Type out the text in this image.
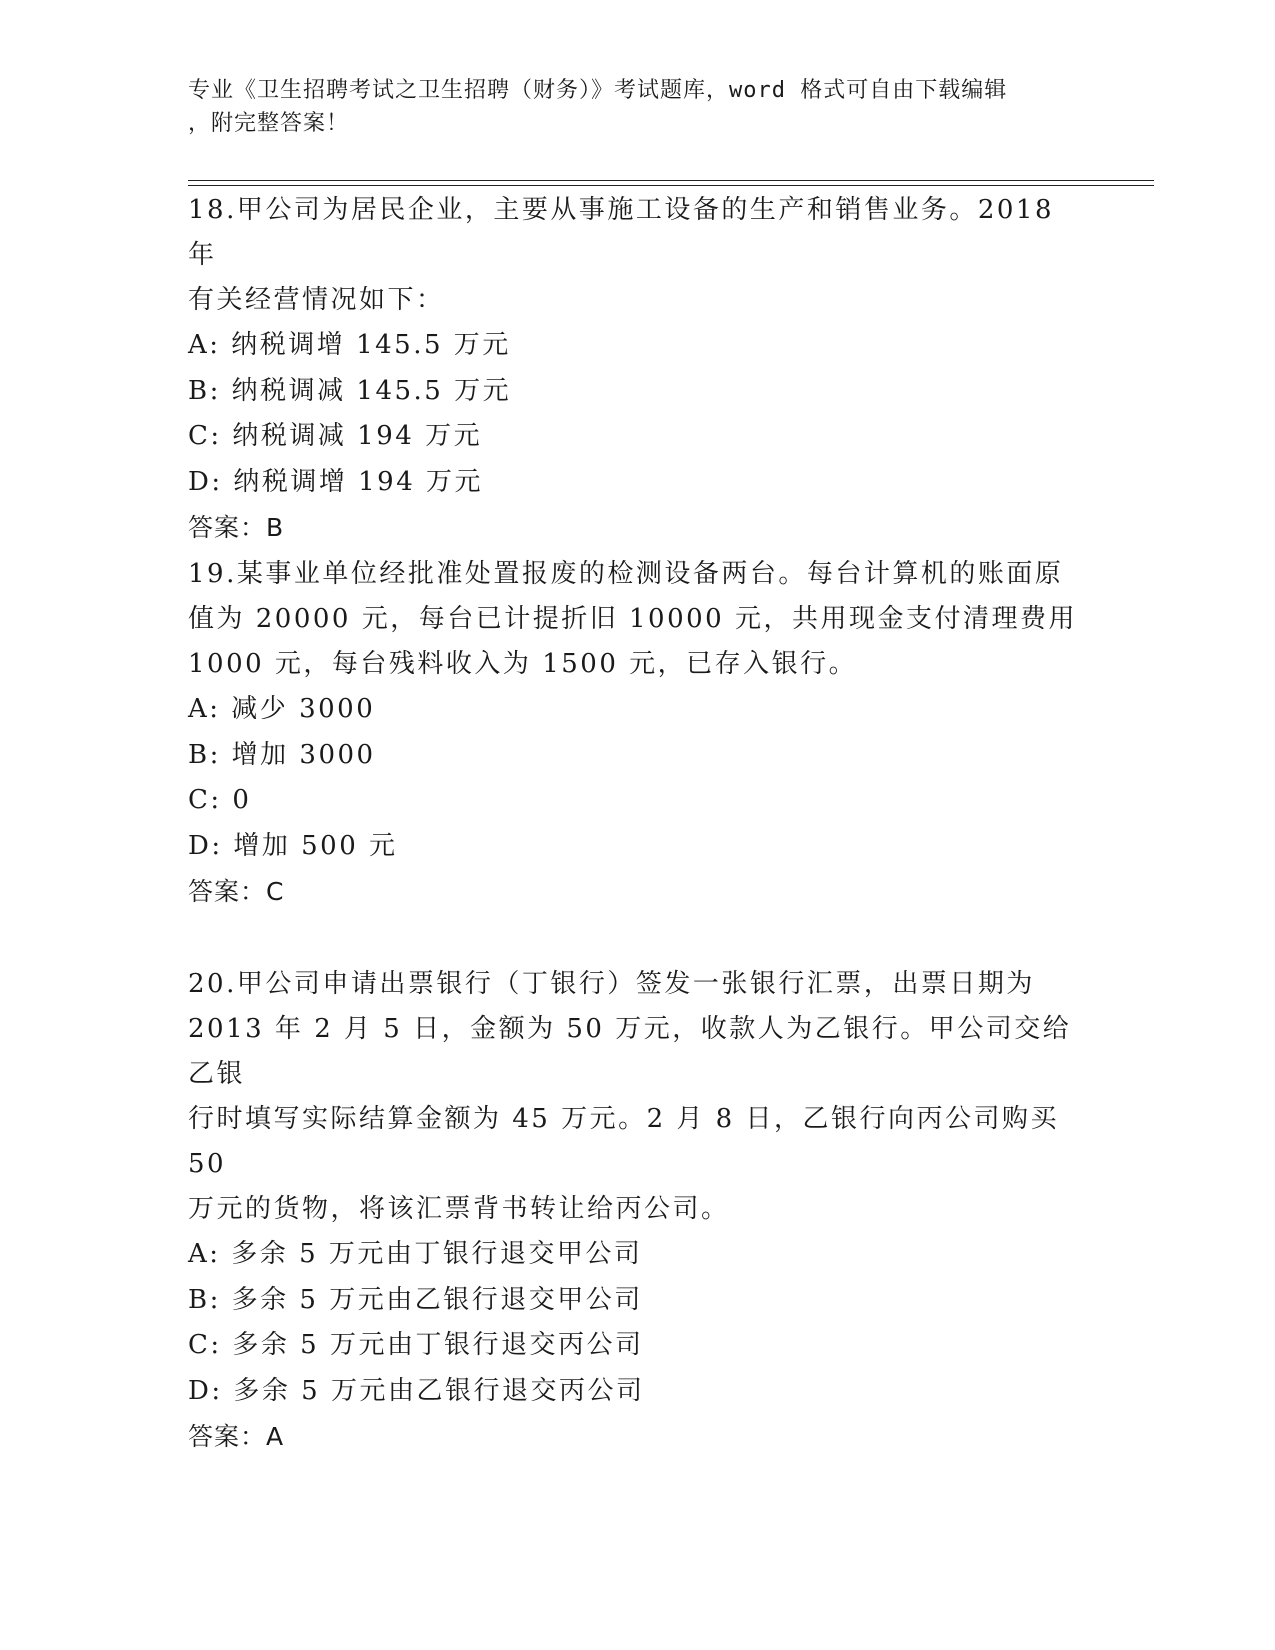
专业《卫生招聘考试之卫生招聘（财务）》考试题库，word 格式可自由下载编辑
，附完整答案！

18.甲公司为居民企业，主要从事施工设备的生产和销售业务。2018 年

有关经营情况如下：

A: 纳税调增 145.5 万元

B: 纳税调减 145.5 万元

C: 纳税调减 194 万元

D: 纳税调增 194 万元

答案：B

19.某事业单位经批准处置报废的检测设备两台。每台计算机的账面原

值为 20000 元，每台已计提折旧 10000 元，共用现金支付清理费用

1000 元，每台残料收入为 1500 元，已存入银行。

A: 减少 3000

B: 增加 3000

C: 0

D: 增加 500 元

答案：C

20.甲公司申请出票银行（丁银行）签发一张银行汇票，出票日期为

2013 年 2 月 5 日，金额为 50 万元，收款人为乙银行。甲公司交给乙银

行时填写实际结算金额为 45 万元。2 月 8 日，乙银行向丙公司购买 50

万元的货物，将该汇票背书转让给丙公司。

A: 多余 5 万元由丁银行退交甲公司

B: 多余 5 万元由乙银行退交甲公司

C: 多余 5 万元由丁银行退交丙公司

D: 多余 5 万元由乙银行退交丙公司

答案：A
